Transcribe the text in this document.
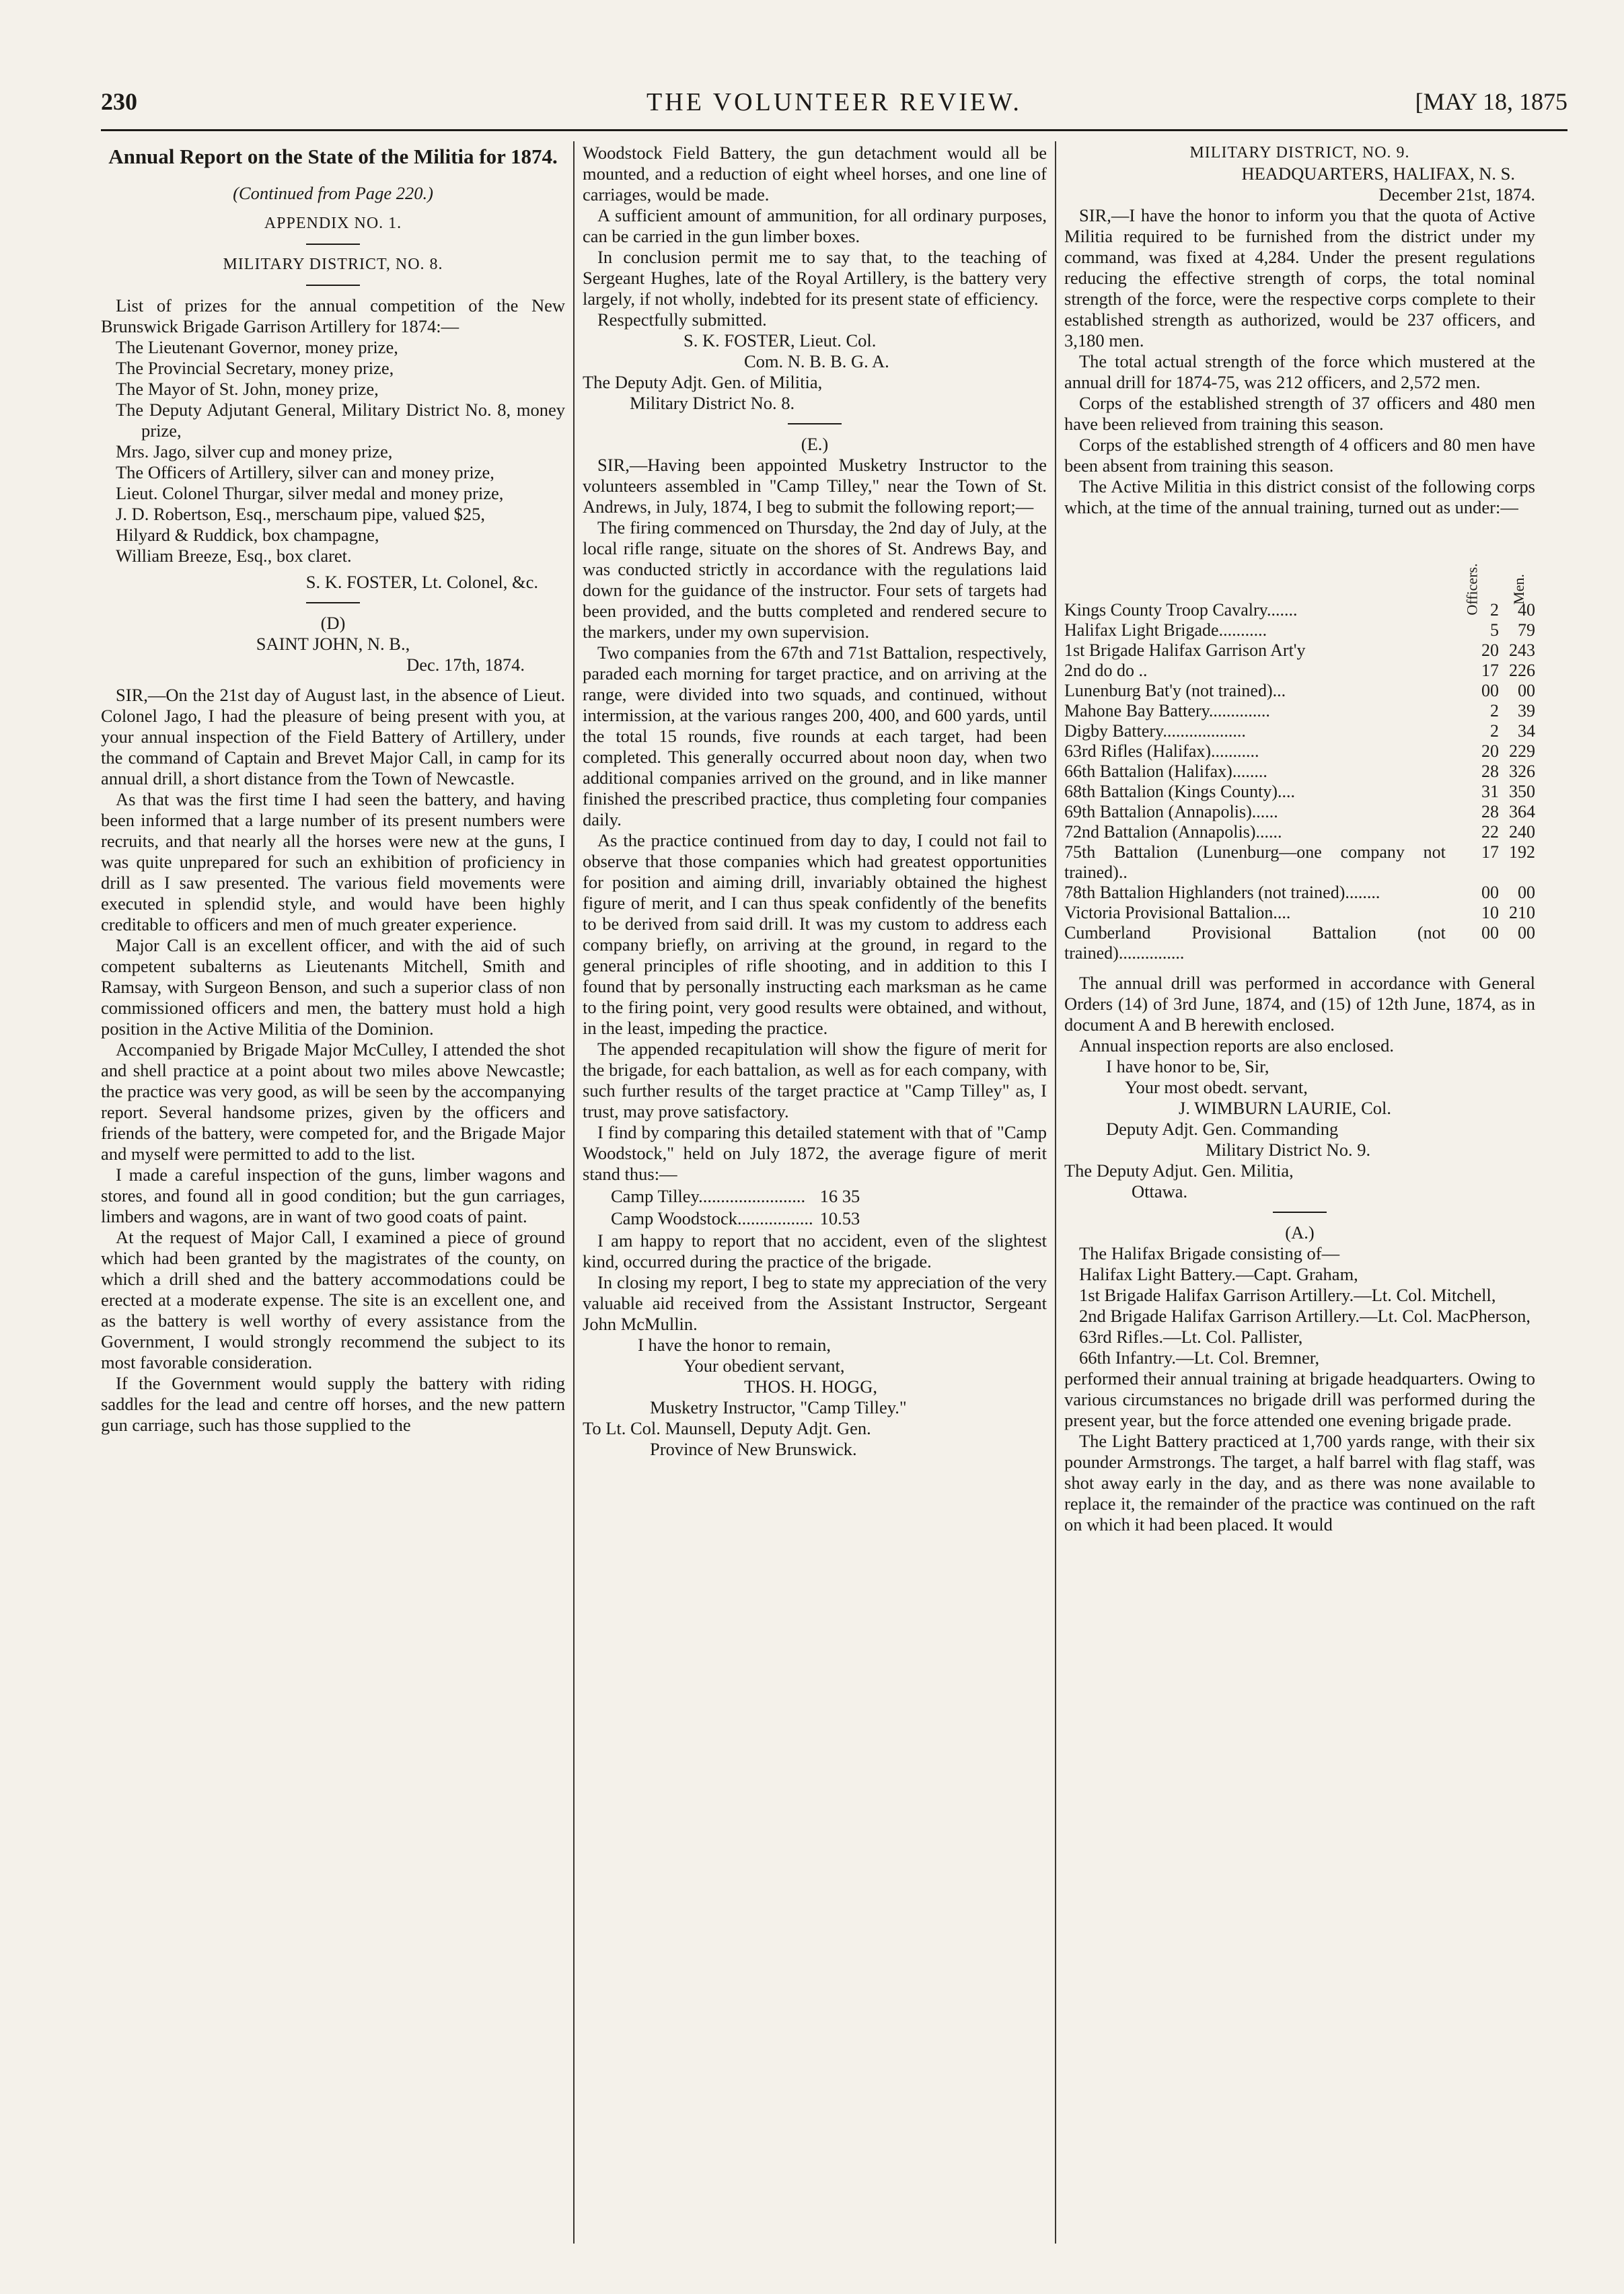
230	THE VOLUNTEER REVIEW.	[MAY 18, 1875

Annual Report on the State of the Militia for 1874.

(Continued from Page 220.)

APPENDIX NO. 1.

MILITARY DISTRICT, NO. 8.

List of prizes for the annual competition of the New Brunswick Brigade Garrison Artillery for 1874:—

The Lieutenant Governor, money prize,

The Provincial Secretary, money prize,

The Mayor of St. John, money prize,

The Deputy Adjutant General, Military District No. 8, money prize,

Mrs. Jago, silver cup and money prize,

The Officers of Artillery, silver can and money prize,

Lieut. Colonel Thurgar, silver medal and money prize,

J. D. Robertson, Esq., merschaum pipe, valued $25,

Hilyard & Ruddick, box champagne,

William Breeze, Esq., box claret.

S. K. FOSTER, Lt. Colonel, &c.

(D)

SAINT JOHN, N. B.,

Dec. 17th, 1874.

SIR,—On the 21st day of August last, in the absence of Lieut. Colonel Jago, I had the pleasure of being present with you, at your annual inspection of the Field Battery of Artillery, under the command of Captain and Brevet Major Call, in camp for its annual drill, a short distance from the Town of Newcastle.

As that was the first time I had seen the battery, and having been informed that a large number of its present numbers were recruits, and that nearly all the horses were new at the guns, I was quite unprepared for such an exhibition of proficiency in drill as I saw presented. The various field movements were executed in splendid style, and would have been highly creditable to officers and men of much greater experience.

Major Call is an excellent officer, and with the aid of such competent subalterns as Lieutenants Mitchell, Smith and Ramsay, with Surgeon Benson, and such a superior class of non commissioned officers and men, the battery must hold a high position in the Active Militia of the Dominion.

Accompanied by Brigade Major McCulley, I attended the shot and shell practice at a point about two miles above Newcastle; the practice was very good, as will be seen by the accompanying report. Several handsome prizes, given by the officers and friends of the battery, were competed for, and the Brigade Major and myself were permitted to add to the list.

I made a careful inspection of the guns, limber wagons and stores, and found all in good condition; but the gun carriages, limbers and wagons, are in want of two good coats of paint.

At the request of Major Call, I examined a piece of ground which had been granted by the magistrates of the county, on which a drill shed and the battery accommodations could be erected at a moderate expense. The site is an excellent one, and as the battery is well worthy of every assistance from the Government, I would strongly recommend the subject to its most favorable consideration.

If the Government would supply the battery with riding saddles for the lead and centre off horses, and the new pattern gun carriage, such has those supplied to the

Woodstock Field Battery, the gun detachment would all be mounted, and a reduction of eight wheel horses, and one line of carriages, would be made.

A sufficient amount of ammunition, for all ordinary purposes, can be carried in the gun limber boxes.

In conclusion permit me to say that, to the teaching of Sergeant Hughes, late of the Royal Artillery, is the battery very largely, if not wholly, indebted for its present state of efficiency.

Respectfully submitted.

S. K. FOSTER, Lieut. Col.

Com. N. B. B. G. A.

The Deputy Adjt. Gen. of Militia,

Military District No. 8.

(E.)

SIR,—Having been appointed Musketry Instructor to the volunteers assembled in "Camp Tilley," near the Town of St. Andrews, in July, 1874, I beg to submit the following report;—

The firing commenced on Thursday, the 2nd day of July, at the local rifle range, situate on the shores of St. Andrews Bay, and was conducted strictly in accordance with the regulations laid down for the guidance of the instructor. Four sets of targets had been provided, and the butts completed and rendered secure to the markers, under my own supervision.

Two companies from the 67th and 71st Battalion, respectively, paraded each morning for target practice, and on arriving at the range, were divided into two squads, and continued, without intermission, at the various ranges 200, 400, and 600 yards, until the total 15 rounds, five rounds at each target, had been completed. This generally occurred about noon day, when two additional companies arrived on the ground, and in like manner finished the prescribed practice, thus completing four companies daily.

As the practice continued from day to day, I could not fail to observe that those companies which had greatest opportunities for position and aiming drill, invariably obtained the highest figure of merit, and I can thus speak confidently of the benefits to be derived from said drill. It was my custom to address each company briefly, on arriving at the ground, in regard to the general principles of rifle shooting, and in addition to this I found that by personally instructing each marksman as he came to the firing point, very good results were obtained, and without, in the least, impeding the practice.

The appended recapitulation will show the figure of merit for the brigade, for each battalion, as well as for each company, with such further results of the target practice at "Camp Tilley" as, I trust, may prove satisfactory.

I find by comparing this detailed statement with that of "Camp Woodstock," held on July 1872, the average figure of merit stand thus:—

Camp Tilley........................	16 35
Camp Woodstock.................	10.53

I am happy to report that no accident, even of the slightest kind, occurred during the practice of the brigade.

In closing my report, I beg to state my appreciation of the very valuable aid received from the Assistant Instructor, Sergeant John McMullin.

I have the honor to remain,

Your obedient servant,

THOS. H. HOGG,

Musketry Instructor, "Camp Tilley."

To Lt. Col. Maunsell, Deputy Adjt. Gen.

Province of New Brunswick.

MILITARY DISTRICT, NO. 9.

HEADQUARTERS, HALIFAX, N. S.

December 21st, 1874.

SIR,—I have the honor to inform you that the quota of Active Militia required to be furnished from the district under my command, was fixed at 4,284. Under the present regulations reducing the effective strength of corps, the total nominal strength of the force, were the respective corps complete to their established strength as authorized, would be 237 officers, and 3,180 men.

The total actual strength of the force which mustered at the annual drill for 1874-75, was 212 officers, and 2,572 men.

Corps of the established strength of 37 officers and 480 men have been relieved from training this season.

Corps of the established strength of 4 officers and 80 men have been absent from training this season.

The Active Militia in this district consist of the following corps which, at the time of the annual training, turned out as under:—

	Officers.	Men.
Kings County Troop Cavalry.......	2	40
Halifax Light Brigade...........	5	79
1st Brigade Halifax Garrison Art'y	20	243
2nd do do ..	17	226
Lunenburg Bat'y (not trained)...	00	00
Mahone Bay Battery..............	2	39
Digby Battery...................	2	34
63rd Rifles (Halifax)...........	20	229
66th Battalion (Halifax)........	28	326
68th Battalion (Kings County)....	31	350
69th Battalion (Annapolis)......	28	364
72nd Battalion (Annapolis)......	22	240
75th Battalion (Lunenburg—one company not trained)..	17	192
78th Battalion Highlanders (not trained)........	00	00
Victoria Provisional Battalion....	10	210
Cumberland Provisional Battalion (not trained)...............	00	00

The annual drill was performed in accordance with General Orders (14) of 3rd June, 1874, and (15) of 12th June, 1874, as in document A and B herewith enclosed.

Annual inspection reports are also enclosed.

I have honor to be, Sir,

Your most obedt. servant,

J. WIMBURN LAURIE, Col.

Deputy Adjt. Gen. Commanding

Military District No. 9.

The Deputy Adjut. Gen. Militia,

Ottawa.

(A.)

The Halifax Brigade consisting of—

Halifax Light Battery.—Capt. Graham,

1st Brigade Halifax Garrison Artillery.—Lt. Col. Mitchell,

2nd Brigade Halifax Garrison Artillery.—Lt. Col. MacPherson,

63rd Rifles.—Lt. Col. Pallister,

66th Infantry.—Lt. Col. Bremner,

performed their annual training at brigade headquarters. Owing to various circumstances no brigade drill was performed during the present year, but the force attended one evening brigade prade.

The Light Battery practiced at 1,700 yards range, with their six pounder Armstrongs. The target, a half barrel with flag staff, was shot away early in the day, and as there was none available to replace it, the remainder of the practice was continued on the raft on which it had been placed. It would
